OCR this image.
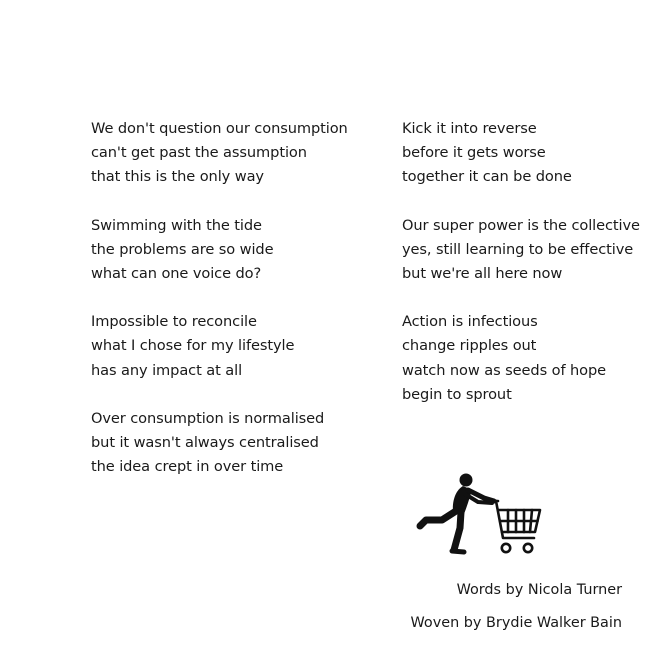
We don't question our consumption
can't get past the assumption
that this is the only way
Swimming with the tide
the problems are so wide
what can one voice do?
Impossible to reconcile
what I chose for my lifestyle
has any impact at all
Over consumption is normalised
but it wasn't always centralised
the idea crept in over time
Kick it into reverse
before it gets worse
together it can be done
Our super power is the collective
yes, still learning to be effective
but we're all here now
Action is infectious
change ripples out
watch now as seeds of hope
begin to sprout
Words by Nicola Turner
Woven by Brydie Walker Bain
